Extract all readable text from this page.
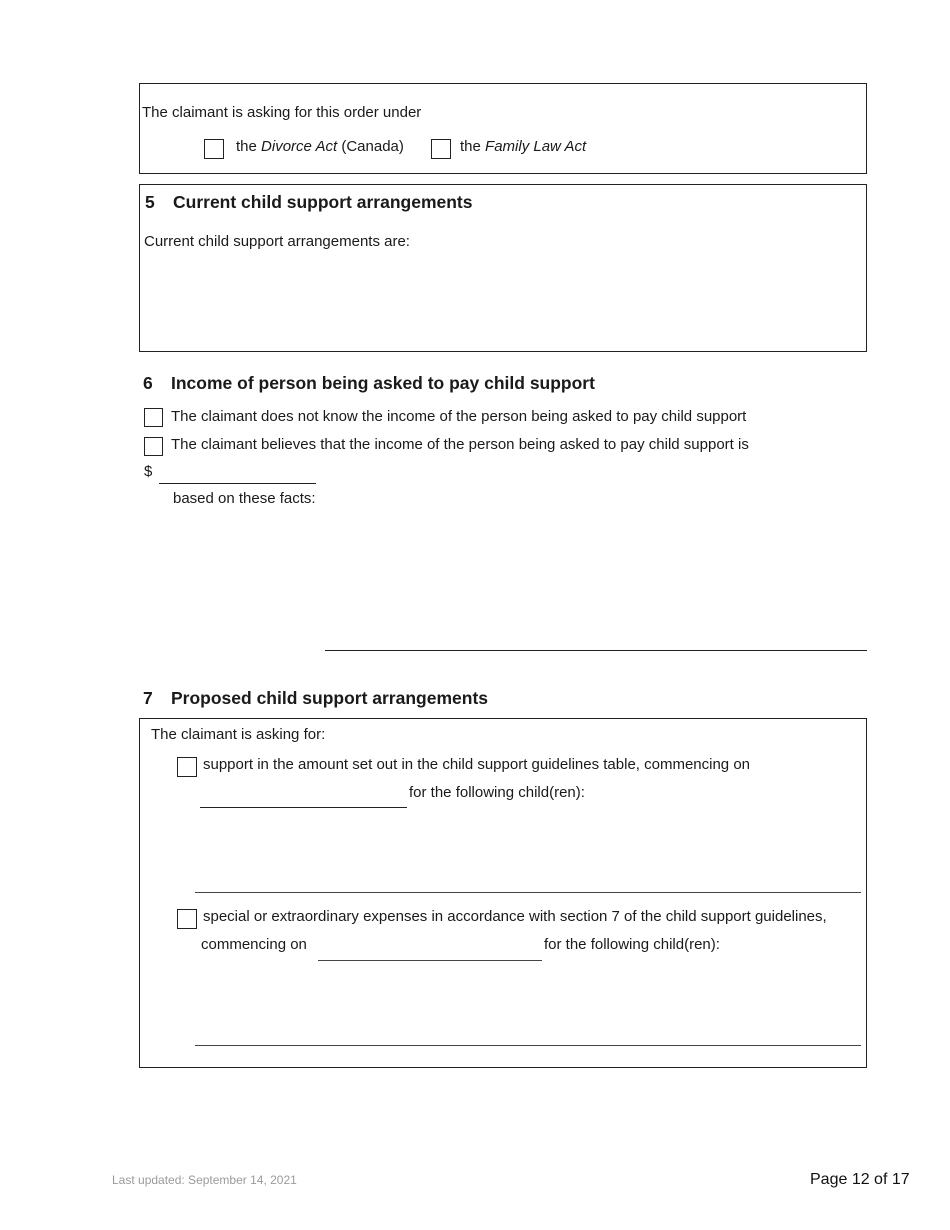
The claimant is asking for this order under
the Divorce Act (Canada)	the Family Law Act
5 Current child support arrangements
Current child support arrangements are:
6 Income of person being asked to pay child support
The claimant does not know the income of the person being asked to pay child support
The claimant believes that the income of the person being asked to pay child support is
$
based on these facts:
7 Proposed child support arrangements
The claimant is asking for:
support in the amount set out in the child support guidelines table, commencing on
for the following child(ren):
special or extraordinary expenses in accordance with section 7 of the child support guidelines,
commencing on	for the following child(ren):
Last updated: September 14, 2021	Page 12 of 17
